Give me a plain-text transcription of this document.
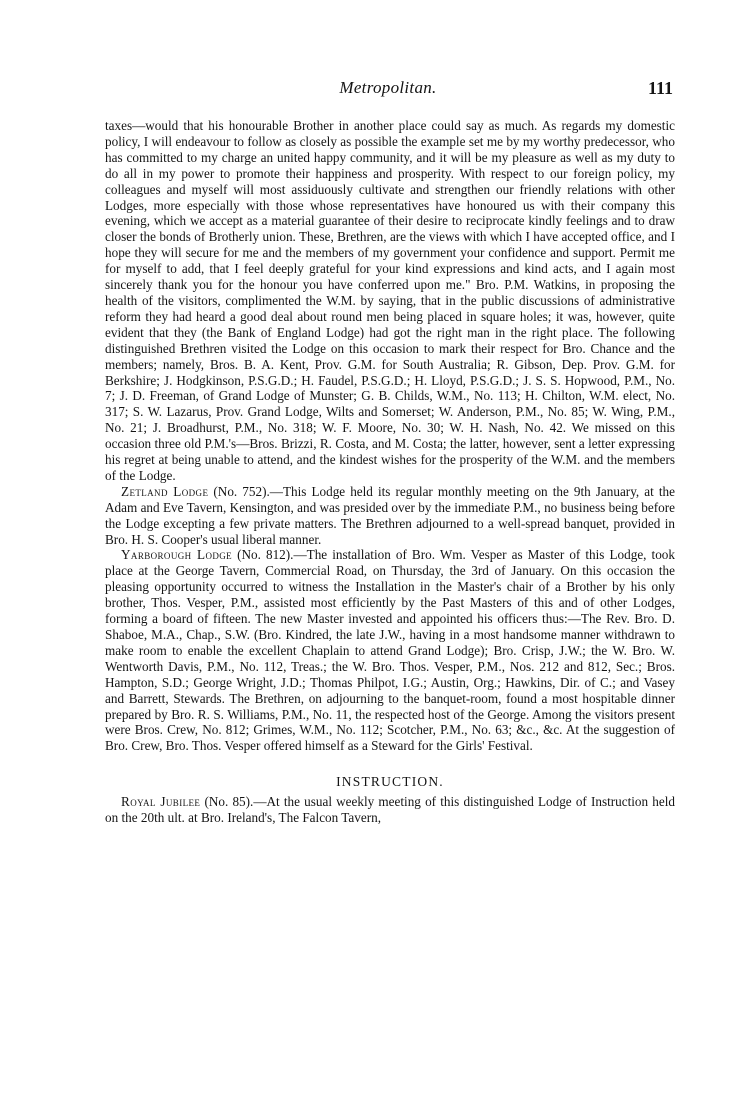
Metropolitan.	111

taxes—would that his honourable Brother in another place could say as much. As regards my domestic policy, I will endeavour to follow as closely as possible the example set me by my worthy predecessor, who has committed to my charge an united happy community, and it will be my pleasure as well as my duty to do all in my power to promote their happiness and prosperity. With respect to our foreign policy, my colleagues and myself will most assiduously cultivate and strengthen our friendly relations with other Lodges, more especially with those whose representatives have honoured us with their company this evening, which we accept as a material guarantee of their desire to reciprocate kindly feelings and to draw closer the bonds of Brotherly union. These, Brethren, are the views with which I have accepted office, and I hope they will secure for me and the members of my government your confidence and support. Permit me for myself to add, that I feel deeply grateful for your kind expressions and kind acts, and I again most sincerely thank you for the honour you have conferred upon me." Bro. P.M. Watkins, in proposing the health of the visitors, complimented the W.M. by saying, that in the public discussions of administrative reform they had heard a good deal about round men being placed in square holes; it was, however, quite evident that they (the Bank of England Lodge) had got the right man in the right place. The following distinguished Brethren visited the Lodge on this occasion to mark their respect for Bro. Chance and the members; namely, Bros. B. A. Kent, Prov. G.M. for South Australia; R. Gibson, Dep. Prov. G.M. for Berkshire; J. Hodgkinson, P.S.G.D.; H. Faudel, P.S.G.D.; H. Lloyd, P.S.G.D.; J. S. S. Hopwood, P.M., No. 7; J. D. Freeman, of Grand Lodge of Munster; G. B. Childs, W.M., No. 113; H. Chilton, W.M. elect, No. 317; S. W. Lazarus, Prov. Grand Lodge, Wilts and Somerset; W. Anderson, P.M., No. 85; W. Wing, P.M., No. 21; J. Broadhurst, P.M., No. 318; W. F. Moore, No. 30; W. H. Nash, No. 42. We missed on this occasion three old P.M.'s—Bros. Brizzi, R. Costa, and M. Costa; the latter, however, sent a letter expressing his regret at being unable to attend, and the kindest wishes for the prosperity of the W.M. and the members of the Lodge.

Zetland Lodge (No. 752).—This Lodge held its regular monthly meeting on the 9th January, at the Adam and Eve Tavern, Kensington, and was presided over by the immediate P.M., no business being before the Lodge excepting a few private matters. The Brethren adjourned to a well-spread banquet, provided in Bro. H. S. Cooper's usual liberal manner.

Yarborough Lodge (No. 812).—The installation of Bro. Wm. Vesper as Master of this Lodge, took place at the George Tavern, Commercial Road, on Thursday, the 3rd of January. On this occasion the pleasing opportunity occurred to witness the Installation in the Master's chair of a Brother by his only brother, Thos. Vesper, P.M., assisted most efficiently by the Past Masters of this and of other Lodges, forming a board of fifteen. The new Master invested and appointed his officers thus:—The Rev. Bro. D. Shaboe, M.A., Chap., S.W. (Bro. Kindred, the late J.W., having in a most handsome manner withdrawn to make room to enable the excellent Chaplain to attend Grand Lodge); Bro. Crisp, J.W.; the W. Bro. W. Wentworth Davis, P.M., No. 112, Treas.; the W. Bro. Thos. Vesper, P.M., Nos. 212 and 812, Sec.; Bros. Hampton, S.D.; George Wright, J.D.; Thomas Philpot, I.G.; Austin, Org.; Hawkins, Dir. of C.; and Vasey and Barrett, Stewards. The Brethren, on adjourning to the banquet-room, found a most hospitable dinner prepared by Bro. R. S. Williams, P.M., No. 11, the respected host of the George. Among the visitors present were Bros. Crew, No. 812; Grimes, W.M., No. 112; Scotcher, P.M., No. 63; &c., &c. At the suggestion of Bro. Crew, Bro. Thos. Vesper offered himself as a Steward for the Girls' Festival.

INSTRUCTION.

Royal Jubilee (No. 85).—At the usual weekly meeting of this distinguished Lodge of Instruction held on the 20th ult. at Bro. Ireland's, The Falcon Tavern,
